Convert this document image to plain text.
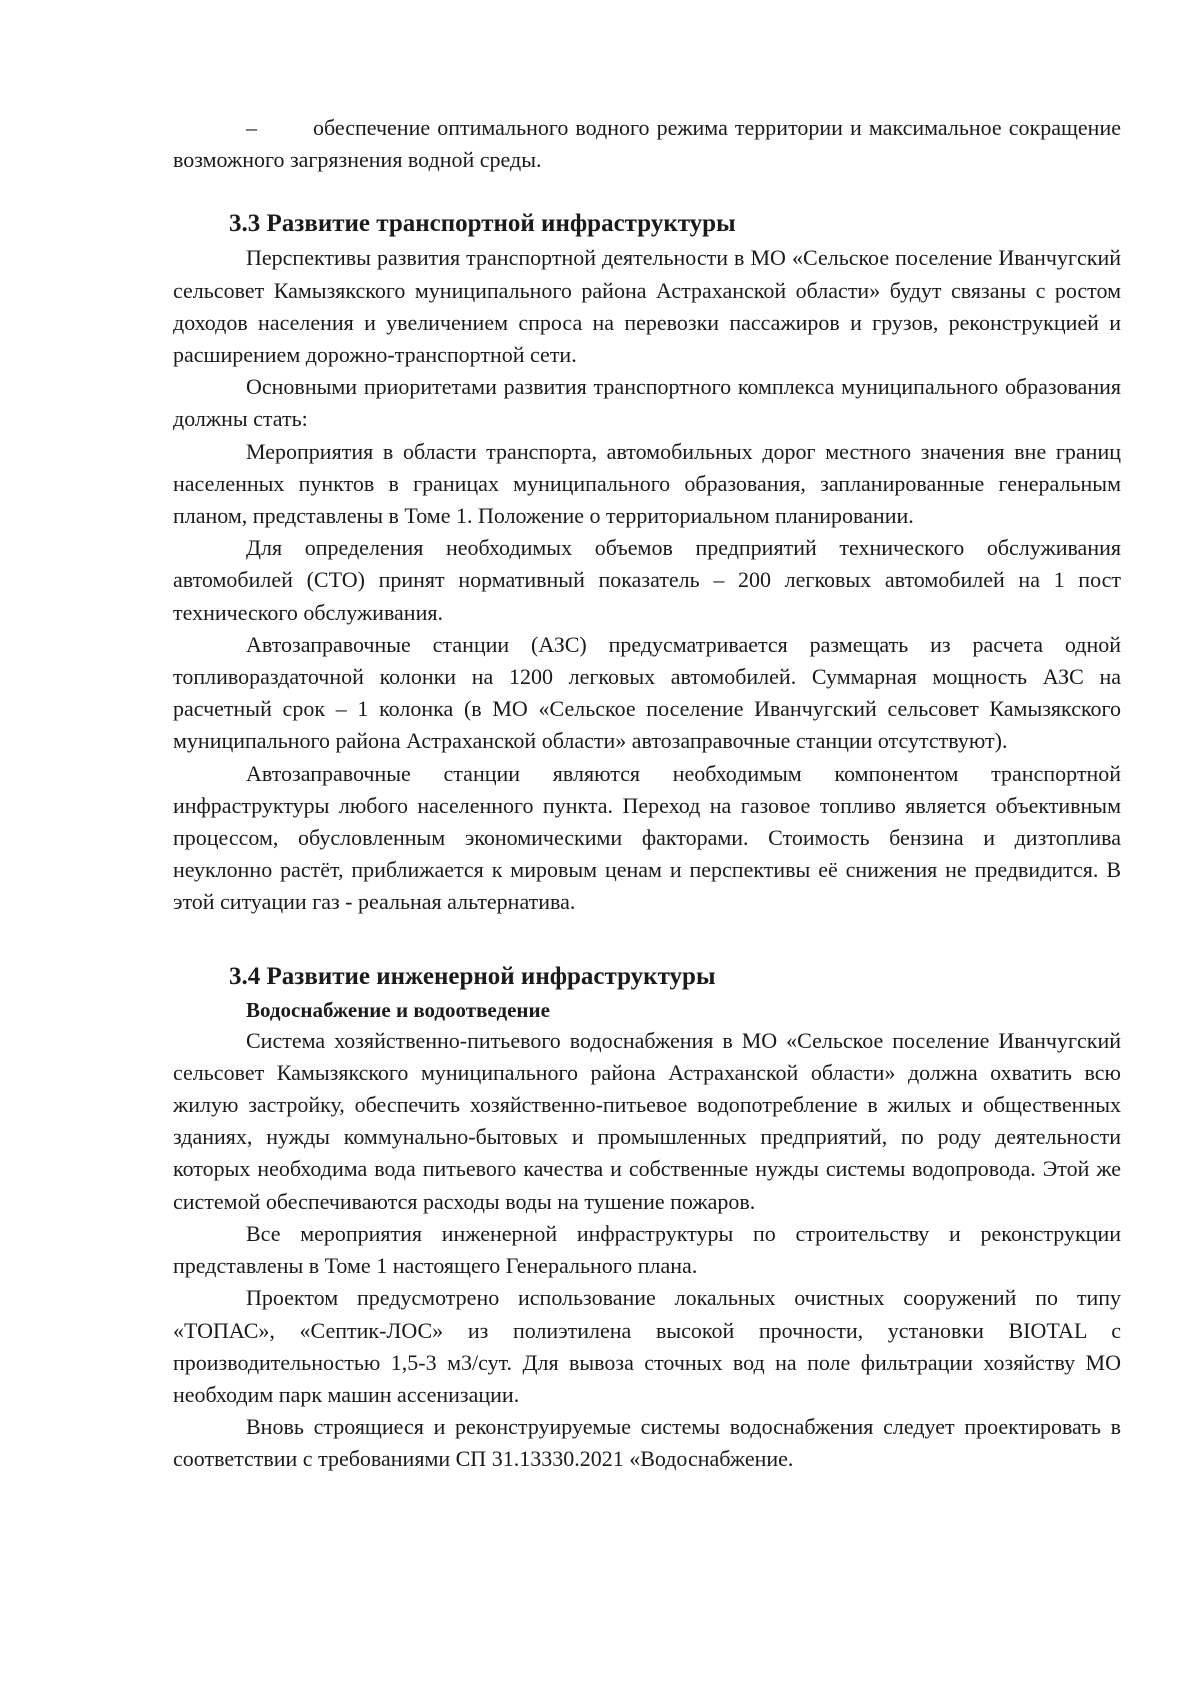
–	обеспечение оптимального водного режима территории и максимальное сокращение возможного загрязнения водной среды.

3.3 Развитие транспортной инфраструктуры

Перспективы развития транспортной деятельности в МО «Сельское поселение Иванчугский сельсовет Камызякского муниципального района Астраханской области» будут связаны с ростом доходов населения и увеличением спроса на перевозки пассажиров и грузов, реконструкцией и расширением дорожно-транспортной сети.

Основными приоритетами развития транспортного комплекса муниципального образования должны стать:

Мероприятия в области транспорта, автомобильных дорог местного значения вне границ населенных пунктов в границах муниципального образования, запланированные генеральным планом, представлены в Томе 1. Положение о территориальном планировании.

Для определения необходимых объемов предприятий технического обслуживания автомобилей (СТО) принят нормативный показатель – 200 легковых автомобилей на 1 пост технического обслуживания.

Автозаправочные станции (АЗС) предусматривается размещать из расчета одной топливораздаточной колонки на 1200 легковых автомобилей. Суммарная мощность АЗС на расчетный срок – 1 колонка (в МО «Сельское поселение Иванчугский сельсовет Камызякского муниципального района Астраханской области» автозаправочные станции отсутствуют).

Автозаправочные станции являются необходимым компонентом транспортной инфраструктуры любого населенного пункта. Переход на газовое топливо является объективным процессом, обусловленным экономическими факторами. Стоимость бензина и дизтоплива неуклонно растёт, приближается к мировым ценам и перспективы её снижения не предвидится. В этой ситуации газ - реальная альтернатива.

3.4 Развитие инженерной инфраструктуры
Водоснабжение и водоотведение

Система хозяйственно-питьевого водоснабжения в МО «Сельское поселение Иванчугский сельсовет Камызякского муниципального района Астраханской области» должна охватить всю жилую застройку, обеспечить хозяйственно-питьевое водопотребление в жилых и общественных зданиях, нужды коммунально-бытовых и промышленных предприятий, по роду деятельности которых необходима вода питьевого качества и собственные нужды системы водопровода. Этой же системой обеспечиваются расходы воды на тушение пожаров.

Все мероприятия инженерной инфраструктуры по строительству и реконструкции представлены в Томе 1 настоящего Генерального плана.

Проектом предусмотрено использование локальных очистных сооружений по типу «ТОПАС», «Септик-ЛОС» из полиэтилена высокой прочности, установки BIOTAL с производительностью 1,5-3 м3/сут. Для вывоза сточных вод на поле фильтрации хозяйству МО необходим парк машин ассенизации.

Вновь строящиеся и реконструируемые системы водоснабжения следует проектировать в соответствии с требованиями СП 31.13330.2021 «Водоснабжение.
